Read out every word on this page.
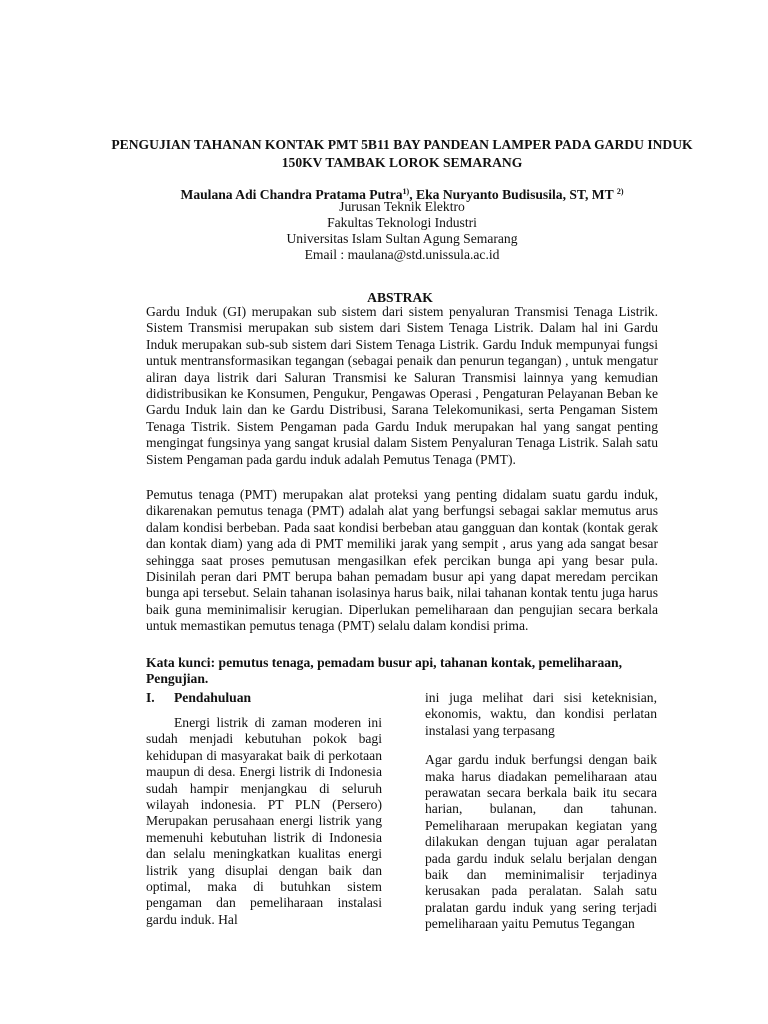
PENGUJIAN TAHANAN KONTAK PMT 5B11 BAY PANDEAN LAMPER PADA GARDU INDUK 150KV TAMBAK LOROK SEMARANG
Maulana Adi Chandra Pratama Putra$^{1)}$, Eka Nuryanto Budisusila, ST, MT $^{2)}$
Jurusan Teknik Elektro
Fakultas Teknologi Industri
Universitas Islam Sultan Agung Semarang
Email : maulana@std.unissula.ac.id
ABSTRAK
Gardu Induk (GI) merupakan sub sistem dari sistem penyaluran Transmisi Tenaga Listrik. Sistem Transmisi merupakan sub sistem dari Sistem Tenaga Listrik. Dalam hal ini Gardu Induk merupakan sub-sub sistem dari Sistem Tenaga Listrik. Gardu Induk mempunyai fungsi untuk mentransformasikan tegangan (sebagai penaik dan penurun tegangan) , untuk mengatur aliran daya listrik dari Saluran Transmisi ke Saluran Transmisi lainnya yang kemudian didistribusikan ke Konsumen, Pengukur, Pengawas Operasi , Pengaturan Pelayanan Beban ke Gardu Induk lain dan ke Gardu Distribusi, Sarana Telekomunikasi, serta Pengaman Sistem Tenaga Tistrik. Sistem Pengaman pada Gardu Induk merupakan hal yang sangat penting mengingat fungsinya yang sangat krusial dalam Sistem Penyaluran Tenaga Listrik. Salah satu Sistem Pengaman pada gardu induk adalah Pemutus Tenaga (PMT).
Pemutus tenaga (PMT) merupakan alat proteksi yang penting didalam suatu gardu induk, dikarenakan pemutus tenaga (PMT) adalah alat yang berfungsi sebagai saklar memutus arus dalam kondisi berbeban. Pada saat kondisi berbeban atau gangguan dan kontak (kontak gerak dan kontak diam) yang ada di PMT memiliki jarak yang sempit , arus yang ada sangat besar sehingga saat proses pemutusan mengasilkan efek percikan bunga api yang besar pula. Disinilah peran dari PMT berupa bahan pemadam busur api yang dapat meredam percikan bunga api tersebut. Selain tahanan isolasinya harus baik, nilai tahanan kontak tentu juga harus baik guna meminimalisir kerugian. Diperlukan pemeliharaan dan pengujian secara berkala untuk memastikan pemutus tenaga (PMT) selalu dalam kondisi prima.
Kata kunci: pemutus tenaga, pemadam busur api, tahanan kontak, pemeliharaan, Pengujian.
I. Pendahuluan
Energi listrik di zaman moderen ini sudah menjadi kebutuhan pokok bagi kehidupan di masyarakat baik di perkotaan maupun di desa. Energi listrik di Indonesia sudah hampir menjangkau di seluruh wilayah indonesia. PT PLN (Persero) Merupakan perusahaan energi listrik yang memenuhi kebutuhan listrik di Indonesia dan selalu meningkatkan kualitas energi listrik yang disuplai dengan baik dan optimal, maka di butuhkan sistem pengaman dan pemeliharaan instalasi gardu induk. Hal
ini juga melihat dari sisi keteknisian, ekonomis, waktu, dan kondisi perlatan instalasi yang terpasang
Agar gardu induk berfungsi dengan baik maka harus diadakan pemeliharaan atau perawatan secara berkala baik itu secara harian, bulanan, dan tahunan. Pemeliharaan merupakan kegiatan yang dilakukan dengan tujuan agar peralatan pada gardu induk selalu berjalan dengan baik dan meminimalisir terjadinya kerusakan pada peralatan. Salah satu pralatan gardu induk yang sering terjadi pemeliharaan yaitu Pemutus Tegangan
